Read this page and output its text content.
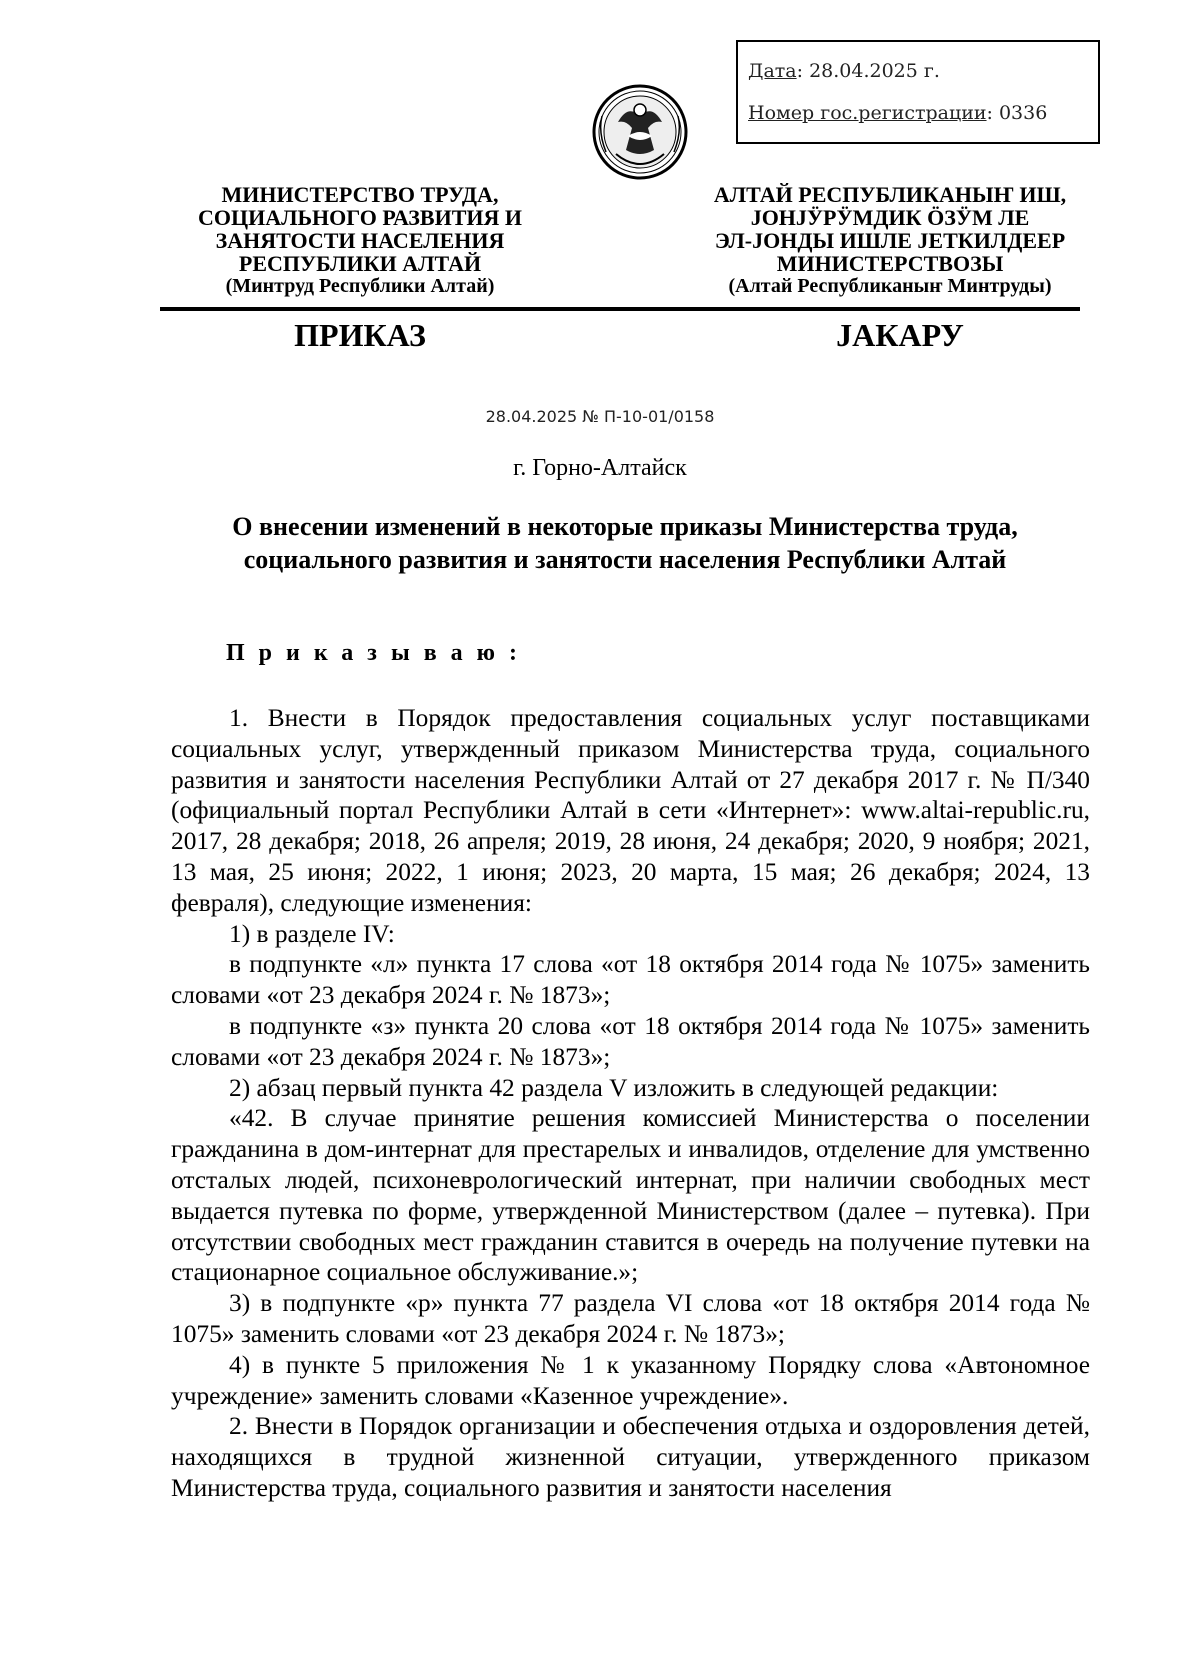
Дата: 28.04.2025 г.
Номер гос.регистрации: 0336
МИНИСТЕРСТВО ТРУДА,
СОЦИАЛЬНОГО РАЗВИТИЯ И
ЗАНЯТОСТИ НАСЕЛЕНИЯ
РЕСПУБЛИКИ АЛТАЙ
(Минтруд Республики Алтай)
АЛТАЙ РЕСПУБЛИКАНЫҤ ИШ,
ЈОНЈӰРӰМДИК ӦЗӰМ ЛЕ
ЭЛ-ЈОНДЫ ИШЛЕ ЈЕТКИЛДЕЕР
МИНИСТЕРСТВОЗЫ
(Алтай Республиканыҥ Минтруды)
ПРИКАЗ	ЈАКАРУ
28.04.2025 № П-10-01/0158
г. Горно-Алтайск
О внесении изменений в некоторые приказы Министерства труда, социального развития и занятости населения Республики Алтай
Приказываю:

1. Внести в Порядок предоставления социальных услуг поставщиками социальных услуг, утвержденный приказом Министерства труда, социального развития и занятости населения Республики Алтай от 27 декабря 2017 г. № П/340 (официальный портал Республики Алтай в сети «Интернет»: www.altai-republic.ru, 2017, 28 декабря; 2018, 26 апреля; 2019, 28 июня, 24 декабря; 2020, 9 ноября; 2021, 13 мая, 25 июня; 2022, 1 июня; 2023, 20 марта, 15 мая; 26 декабря; 2024, 13 февраля), следующие изменения:

1) в разделе IV:

в подпункте «л» пункта 17 слова «от 18 октября 2014 года № 1075» заменить словами «от 23 декабря 2024 г. № 1873»;

в подпункте «з» пункта 20 слова «от 18 октября 2014 года № 1075» заменить словами «от 23 декабря 2024 г. № 1873»;

2) абзац первый пункта 42 раздела V изложить в следующей редакции:

«42. В случае принятие решения комиссией Министерства о поселении гражданина в дом-интернат для престарелых и инвалидов, отделение для умственно отсталых людей, психоневрологический интернат, при наличии свободных мест выдается путевка по форме, утвержденной Министерством (далее – путевка). При отсутствии свободных мест гражданин ставится в очередь на получение путевки на стационарное социальное обслуживание.»;

3) в подпункте «р» пункта 77 раздела VI слова «от 18 октября 2014 года № 1075» заменить словами «от 23 декабря 2024 г. № 1873»;

4) в пункте 5 приложения № 1 к указанному Порядку слова «Автономное учреждение» заменить словами «Казенное учреждение».

2. Внести в Порядок организации и обеспечения отдыха и оздоровления детей, находящихся в трудной жизненной ситуации, утвержденного приказом Министерства труда, социального развития и занятости населения
